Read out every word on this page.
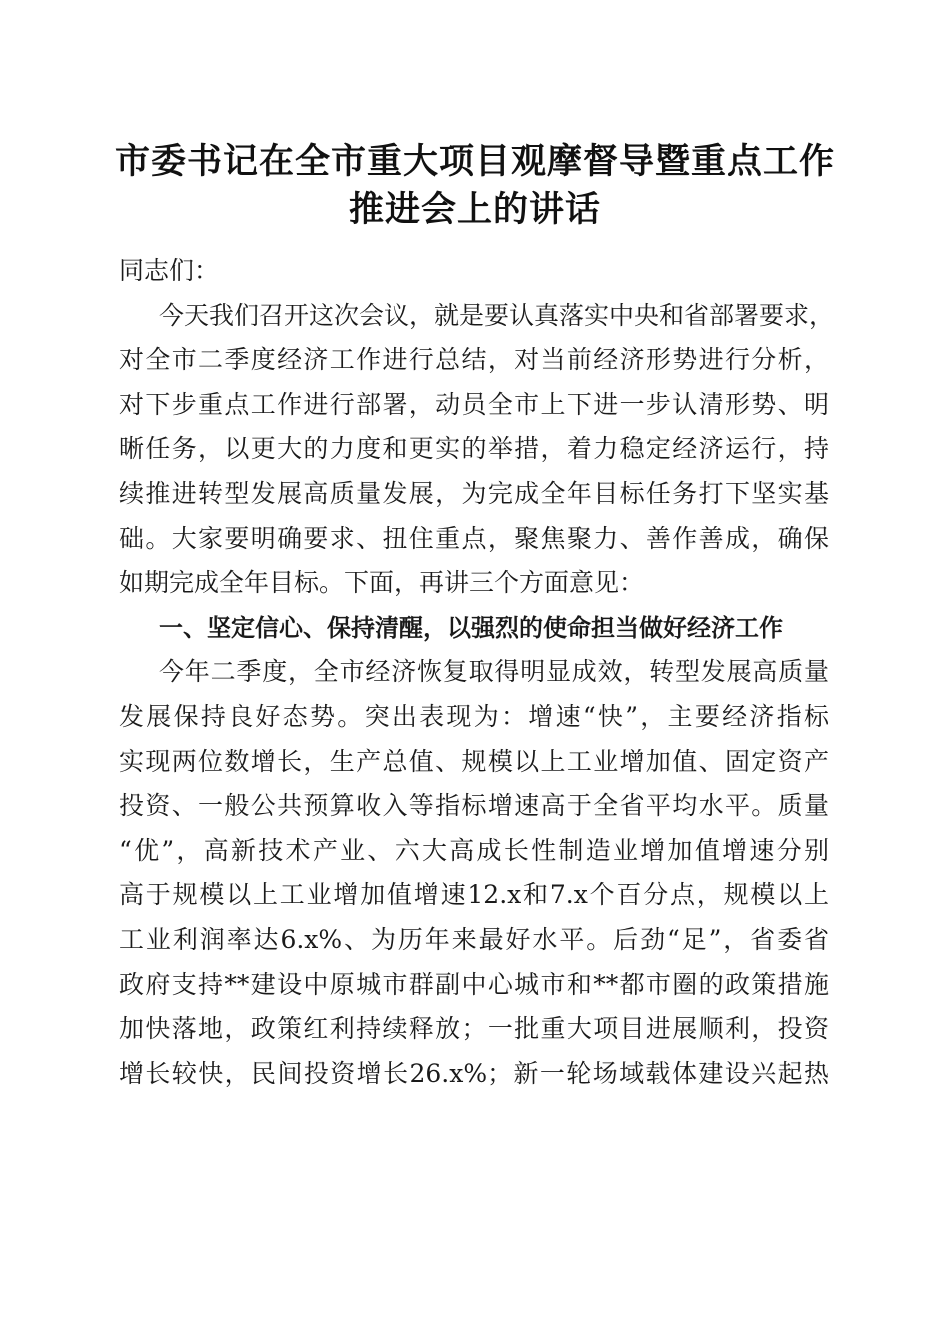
市委书记在全市重大项目观摩督导暨重点工作
推进会上的讲话
同志们：
今天我们召开这次会议，就是要认真落实中央和省部署要求，
对全市二季度经济工作进行总结，对当前经济形势进行分析，
对下步重点工作进行部署，动员全市上下进一步认清形势、明
晰任务，以更大的力度和更实的举措，着力稳定经济运行，持
续推进转型发展高质量发展，为完成全年目标任务打下坚实基
础。大家要明确要求、扭住重点，聚焦聚力、善作善成，确保
如期完成全年目标。下面，再讲三个方面意见：
一、坚定信心、保持清醒，以强烈的使命担当做好经济工作
今年二季度，全市经济恢复取得明显成效，转型发展高质量
发展保持良好态势。突出表现为：增速“快”，主要经济指标
实现两位数增长，生产总值、规模以上工业增加值、固定资产
投资、一般公共预算收入等指标增速高于全省平均水平。质量
“优”，高新技术产业、六大高成长性制造业增加值增速分别
高于规模以上工业增加值增速12.x和7.x个百分点，规模以上
工业利润率达6.x%、为历年来最好水平。后劲“足”，省委省
政府支持**建设中原城市群副中心城市和**都市圈的政策措施
加快落地，政策红利持续释放；一批重大项目进展顺利，投资
增长较快，民间投资增长26.x%；新一轮场域载体建设兴起热
